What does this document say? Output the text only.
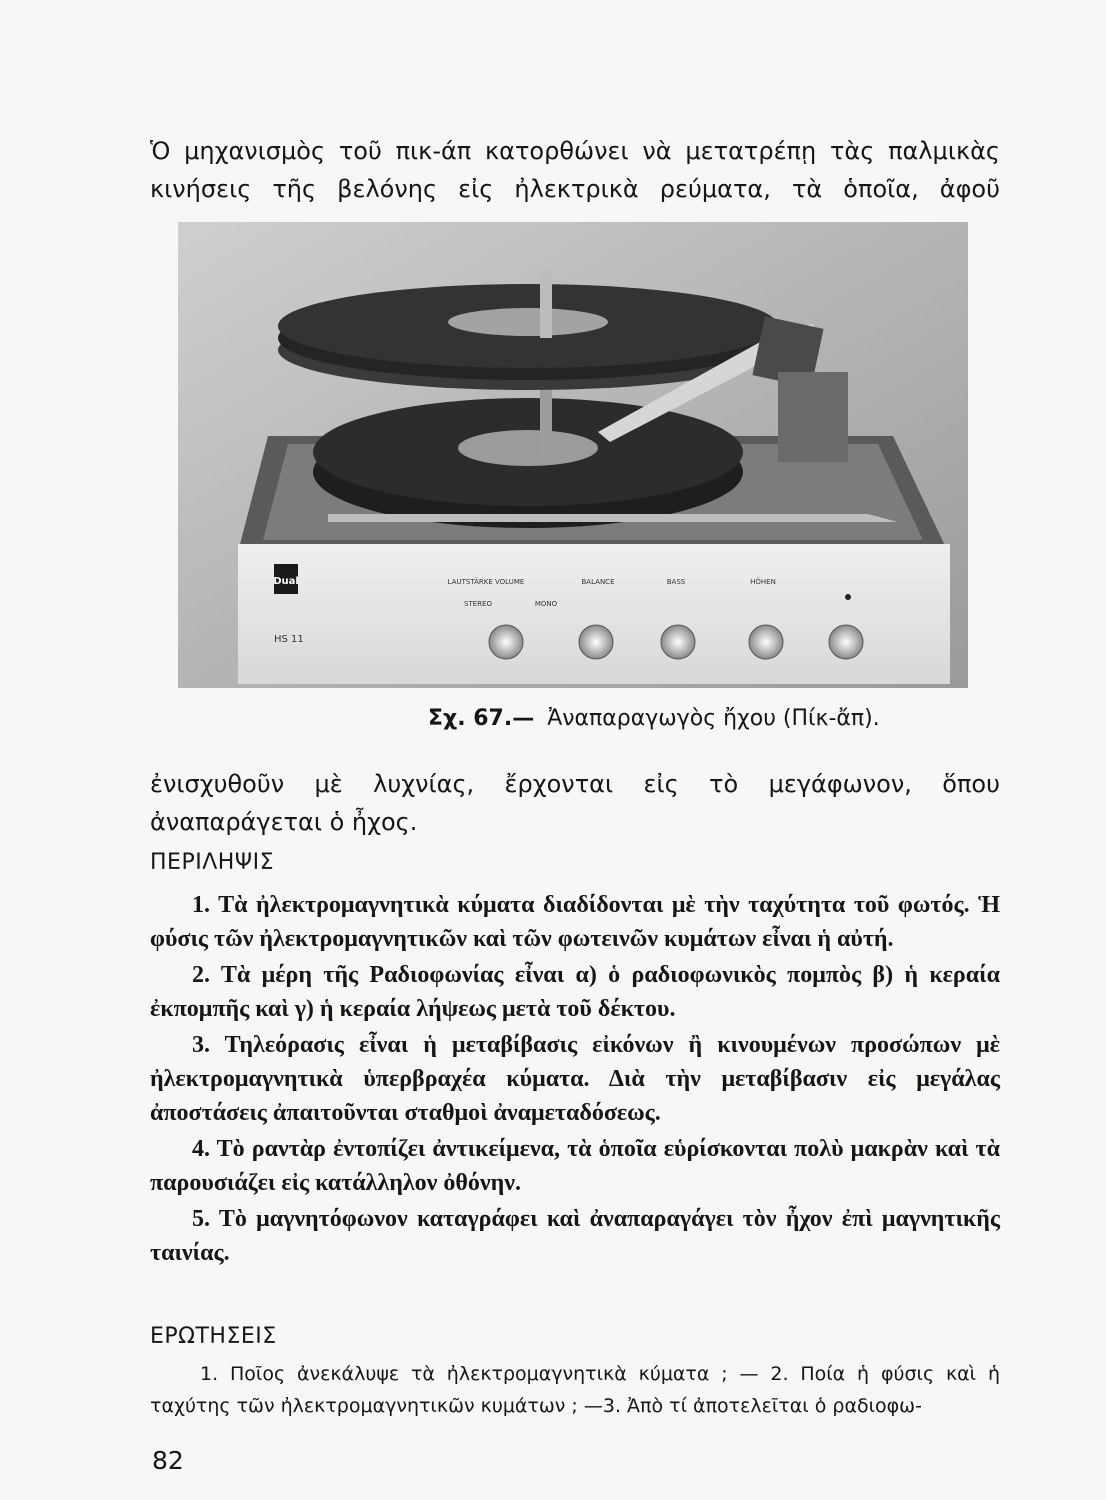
Ὁ μηχανισμὸς τοῦ πικ-άπ κατορθώνει νὰ μετατρέπῃ τὰς παλμικὰς κινήσεις τῆς βελόνης εἰς ἠλεκτρικὰ ρεύματα, τὰ ὁποῖα, ἀφοῦ
Dual
HS 11
LAUTSTÄRKE VOLUME	BALANCE	BASS	HÖHEN
STEREO	MONO
Σχ. 67.— Ἀναπαραγωγὸς ἤχου (Πίκ-ἄπ).
ἐνισχυθοῦν μὲ λυχνίας, ἔρχονται εἰς τὸ μεγάφωνον, ὅπου ἀναπαράγεται ὁ ἦχος.
ΠΕΡΙΛΗΨΙΣ

1. Τὰ ἠλεκτρομαγνητικὰ κύματα διαδίδονται μὲ τὴν ταχύτητα τοῦ φωτός. Ἡ φύσις τῶν ἠλεκτρομαγνητικῶν καὶ τῶν φωτεινῶν κυμάτων εἶναι ἡ αὐτή.

2. Τὰ μέρη τῆς Ραδιοφωνίας εἶναι α) ὁ ραδιοφωνικὸς πομπὸς β) ἡ κεραία ἐκπομπῆς καὶ γ) ἡ κεραία λήψεως μετὰ τοῦ δέκτου.

3. Τηλεόρασις εἶναι ἡ μεταβίβασις εἰκόνων ἢ κινουμένων προσώπων μὲ ἠλεκτρομαγνητικὰ ὑπερβραχέα κύματα. Διὰ τὴν μεταβίβασιν εἰς μεγάλας ἀποστάσεις ἀπαιτοῦνται σταθμοὶ ἀναμεταδόσεως.

4. Τὸ ραντὰρ ἐντοπίζει ἀντικείμενα, τὰ ὁποῖα εὑρίσκονται πολὺ μακρὰν καὶ τὰ παρουσιάζει εἰς κατάλληλον ὀθόνην.

5. Τὸ μαγνητόφωνον καταγράφει καὶ ἀναπαραγάγει τὸν ἦχον ἐπὶ μαγνητικῆς ταινίας.

ΕΡΩΤΗΣΕΙΣ
1. Ποῖος ἀνεκάλυψε τὰ ἠλεκτρομαγνητικὰ κύματα ; — 2. Ποία ἡ φύσις καὶ ἡ ταχύτης τῶν ἠλεκτρομαγνητικῶν κυμάτων ; —3. Ἀπὸ τί ἀποτελεῖται ὁ ραδιοφω-
82
